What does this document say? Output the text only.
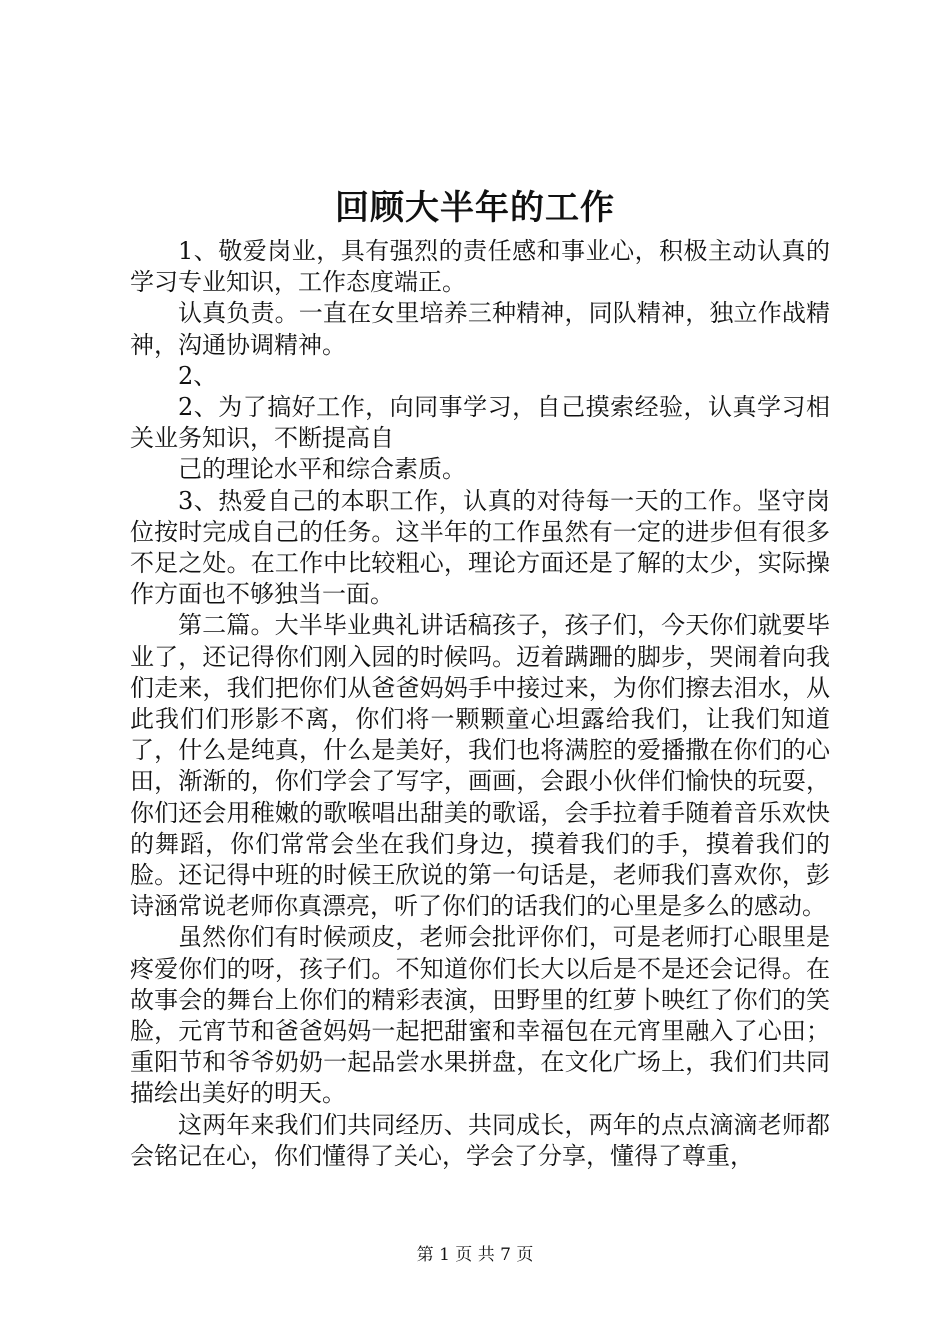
回顾大半年的工作

1、敬爱岗业，具有强烈的责任感和事业心，积极主动认真的学习专业知识，工作态度端正。

认真负责。一直在女里培养三种精神，同队精神，独立作战精神，沟通协调精神。

2、

2、为了搞好工作，向同事学习，自己摸索经验，认真学习相关业务知识，不断提高自

己的理论水平和综合素质。

3、热爱自己的本职工作，认真的对待每一天的工作。坚守岗位按时完成自己的任务。这半年的工作虽然有一定的进步但有很多不足之处。在工作中比较粗心，理论方面还是了解的太少，实际操作方面也不够独当一面。

第二篇。大半毕业典礼讲话稿孩子，孩子们，今天你们就要毕业了，还记得你们刚入园的时候吗。迈着蹒跚的脚步，哭闹着向我们走来，我们把你们从爸爸妈妈手中接过来，为你们擦去泪水，从此我们们形影不离，你们将一颗颗童心坦露给我们，让我们知道了，什么是纯真，什么是美好，我们也将满腔的爱播撒在你们的心田，渐渐的，你们学会了写字，画画，会跟小伙伴们愉快的玩耍，你们还会用稚嫩的歌喉唱出甜美的歌谣，会手拉着手随着音乐欢快的舞蹈，你们常常会坐在我们身边，摸着我们的手，摸着我们的脸。还记得中班的时候王欣说的第一句话是，老师我们喜欢你，彭诗涵常说老师你真漂亮，听了你们的话我们的心里是多么的感动。

虽然你们有时候顽皮，老师会批评你们，可是老师打心眼里是疼爱你们的呀，孩子们。不知道你们长大以后是不是还会记得。在故事会的舞台上你们的精彩表演，田野里的红萝卜映红了你们的笑脸，元宵节和爸爸妈妈一起把甜蜜和幸福包在元宵里融入了心田；重阳节和爷爷奶奶一起品尝水果拼盘，在文化广场上，我们们共同描绘出美好的明天。

这两年来我们们共同经历、共同成长，两年的点点滴滴老师都会铭记在心，你们懂得了关心，学会了分享，懂得了尊重，

第 1 页 共 7 页
